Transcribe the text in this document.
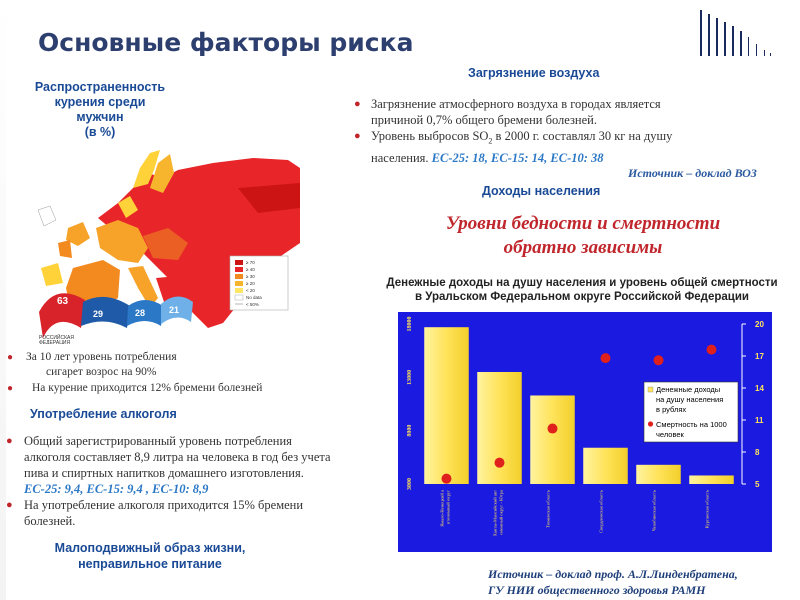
Основные факторы риска
Распространенность
курения среди
мужчин
(в %)
≥ 70
≥ 40
≥ 30
≥ 20
< 20
No data
< 50%
63
29	28	21
РОССИЙСКАЯ
ФЕДЕРАЦИЯ
● За 10 лет уровень потребления
сигарет возрос на 90%
●	На курение приходится 12% бремени болезней
Употребление алкоголя
● Общий зарегистрированный уровень потребления
алкоголя составляет 8,9 литра на человека в год без учета
пива и спиртных напитков домашнего изготовления.
ЕС-25: 9,4, ЕС-15: 9,4 , ЕС-10: 8,9
● На употребление алкоголя приходится 15% бремени
болезней.
Малоподвижный образ жизни,
неправильное питание
Загрязнение воздуха
● Загрязнение атмосферного воздуха в городах является
причиной 0,7% общего бремени болезней.
● Уровень выбросов $SO_2$ в 2000 г. составлял 30 кг на душу
населения. ЕС-25: 18, ЕС-15: 14, ЕС-10: 38
Источник – доклад ВОЗ
Доходы населения
Уровни бедности и смертности
обратно зависимы
Денежные доходы на душу населения и уровень общей смертности
в Уральском Федеральном округе Российской Федерации
3000
8000
13000
18000
5
8
11
14
17
20
Ямало-Ненецкий а втономный округ	Ханты-Мансийский авт ономный округ - Югра	Тюменская область	Свердловская область	Челябинская область	Курганская область
Денежные доходы
на душу населения
в рублях
Смертность на 1000
человек
Источник – доклад проф. А.Л.Линденбратена,
ГУ НИИ общественного здоровья РАМН
